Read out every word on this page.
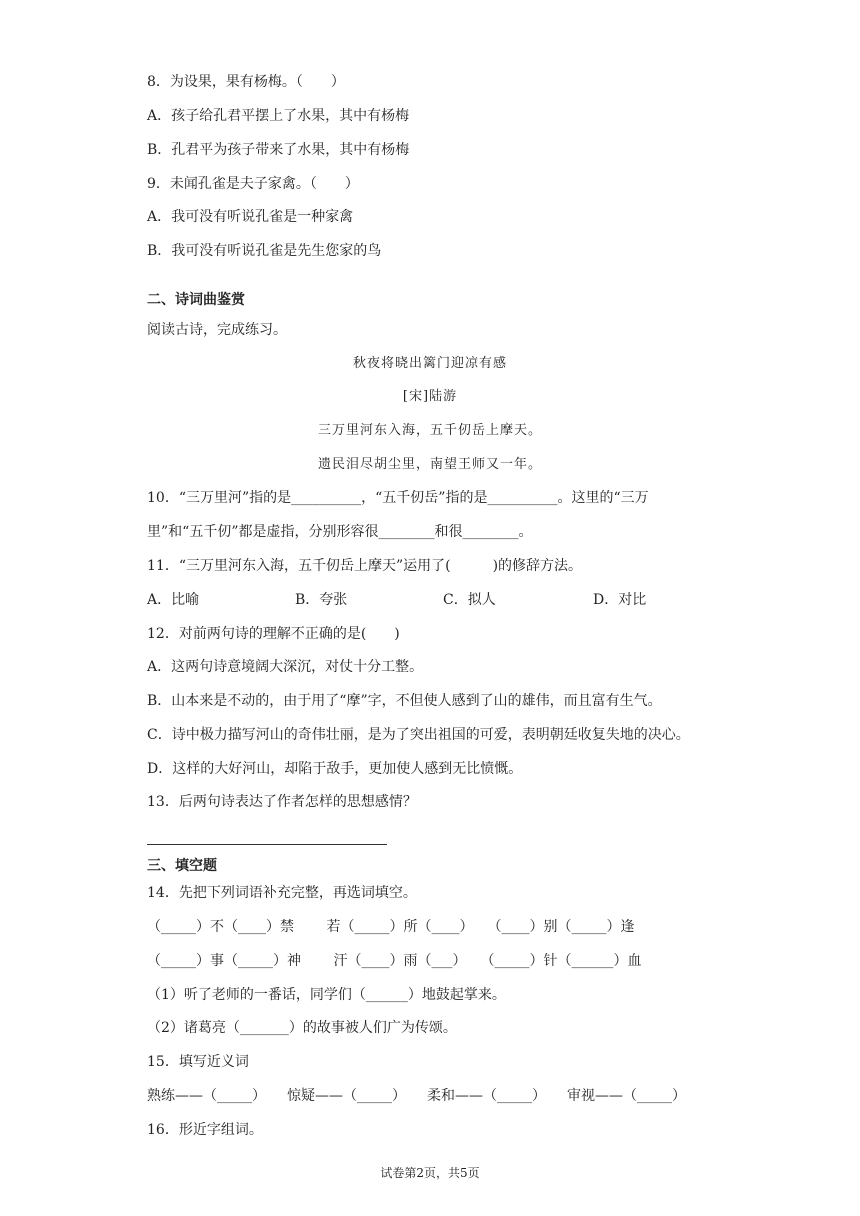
8．为设果，果有杨梅。（　　）
A．孩子给孔君平摆上了水果，其中有杨梅
B．孔君平为孩子带来了水果，其中有杨梅
9．未闻孔雀是夫子家禽。（　　）
A．我可没有听说孔雀是一种家禽
B．我可没有听说孔雀是先生您家的鸟
二、诗词曲鉴赏
阅读古诗，完成练习。
秋夜将晓出篱门迎凉有感
[宋]陆游
三万里河东入海，五千仞岳上摩天。
遗民泪尽胡尘里，南望王师又一年。
10．“三万里河”指的是__________，“五千仞岳”指的是__________。这里的“三万
里”和“五千仞”都是虚指，分别形容很________和很________。
11．“三万里河东入海，五千仞岳上摩天”运用了(　　　)的修辞方法。
A．比喻	B．夸张	C．拟人	D．对比
12．对前两句诗的理解不正确的是(　　)
A．这两句诗意境阔大深沉，对仗十分工整。
B．山本来是不动的，由于用了“摩”字，不但使人感到了山的雄伟，而且富有生气。
C．诗中极力描写河山的奇伟壮丽，是为了突出祖国的可爱，表明朝廷收复失地的决心。
D．这样的大好河山，却陷于敌手，更加使人感到无比愤慨。
13．后两句诗表达了作者怎样的思想感情？
三、填空题
14．先把下列词语补充完整，再选词填空。
（_____）不（____）禁　　 若（_____）所（____）　　（____）别（_____）逢
（_____）事（_____）神　　 汗（____）雨（___）　　（_____）针（______）血
（1）听了老师的一番话，同学们（______）地鼓起掌来。
（2）诸葛亮（_______）的故事被人们广为传颂。
15．填写近义词
熟练——（_____）　　惊疑——（_____）　　柔和——（_____）　　审视——（_____）
16．形近字组词。
试卷第2页，共5页
